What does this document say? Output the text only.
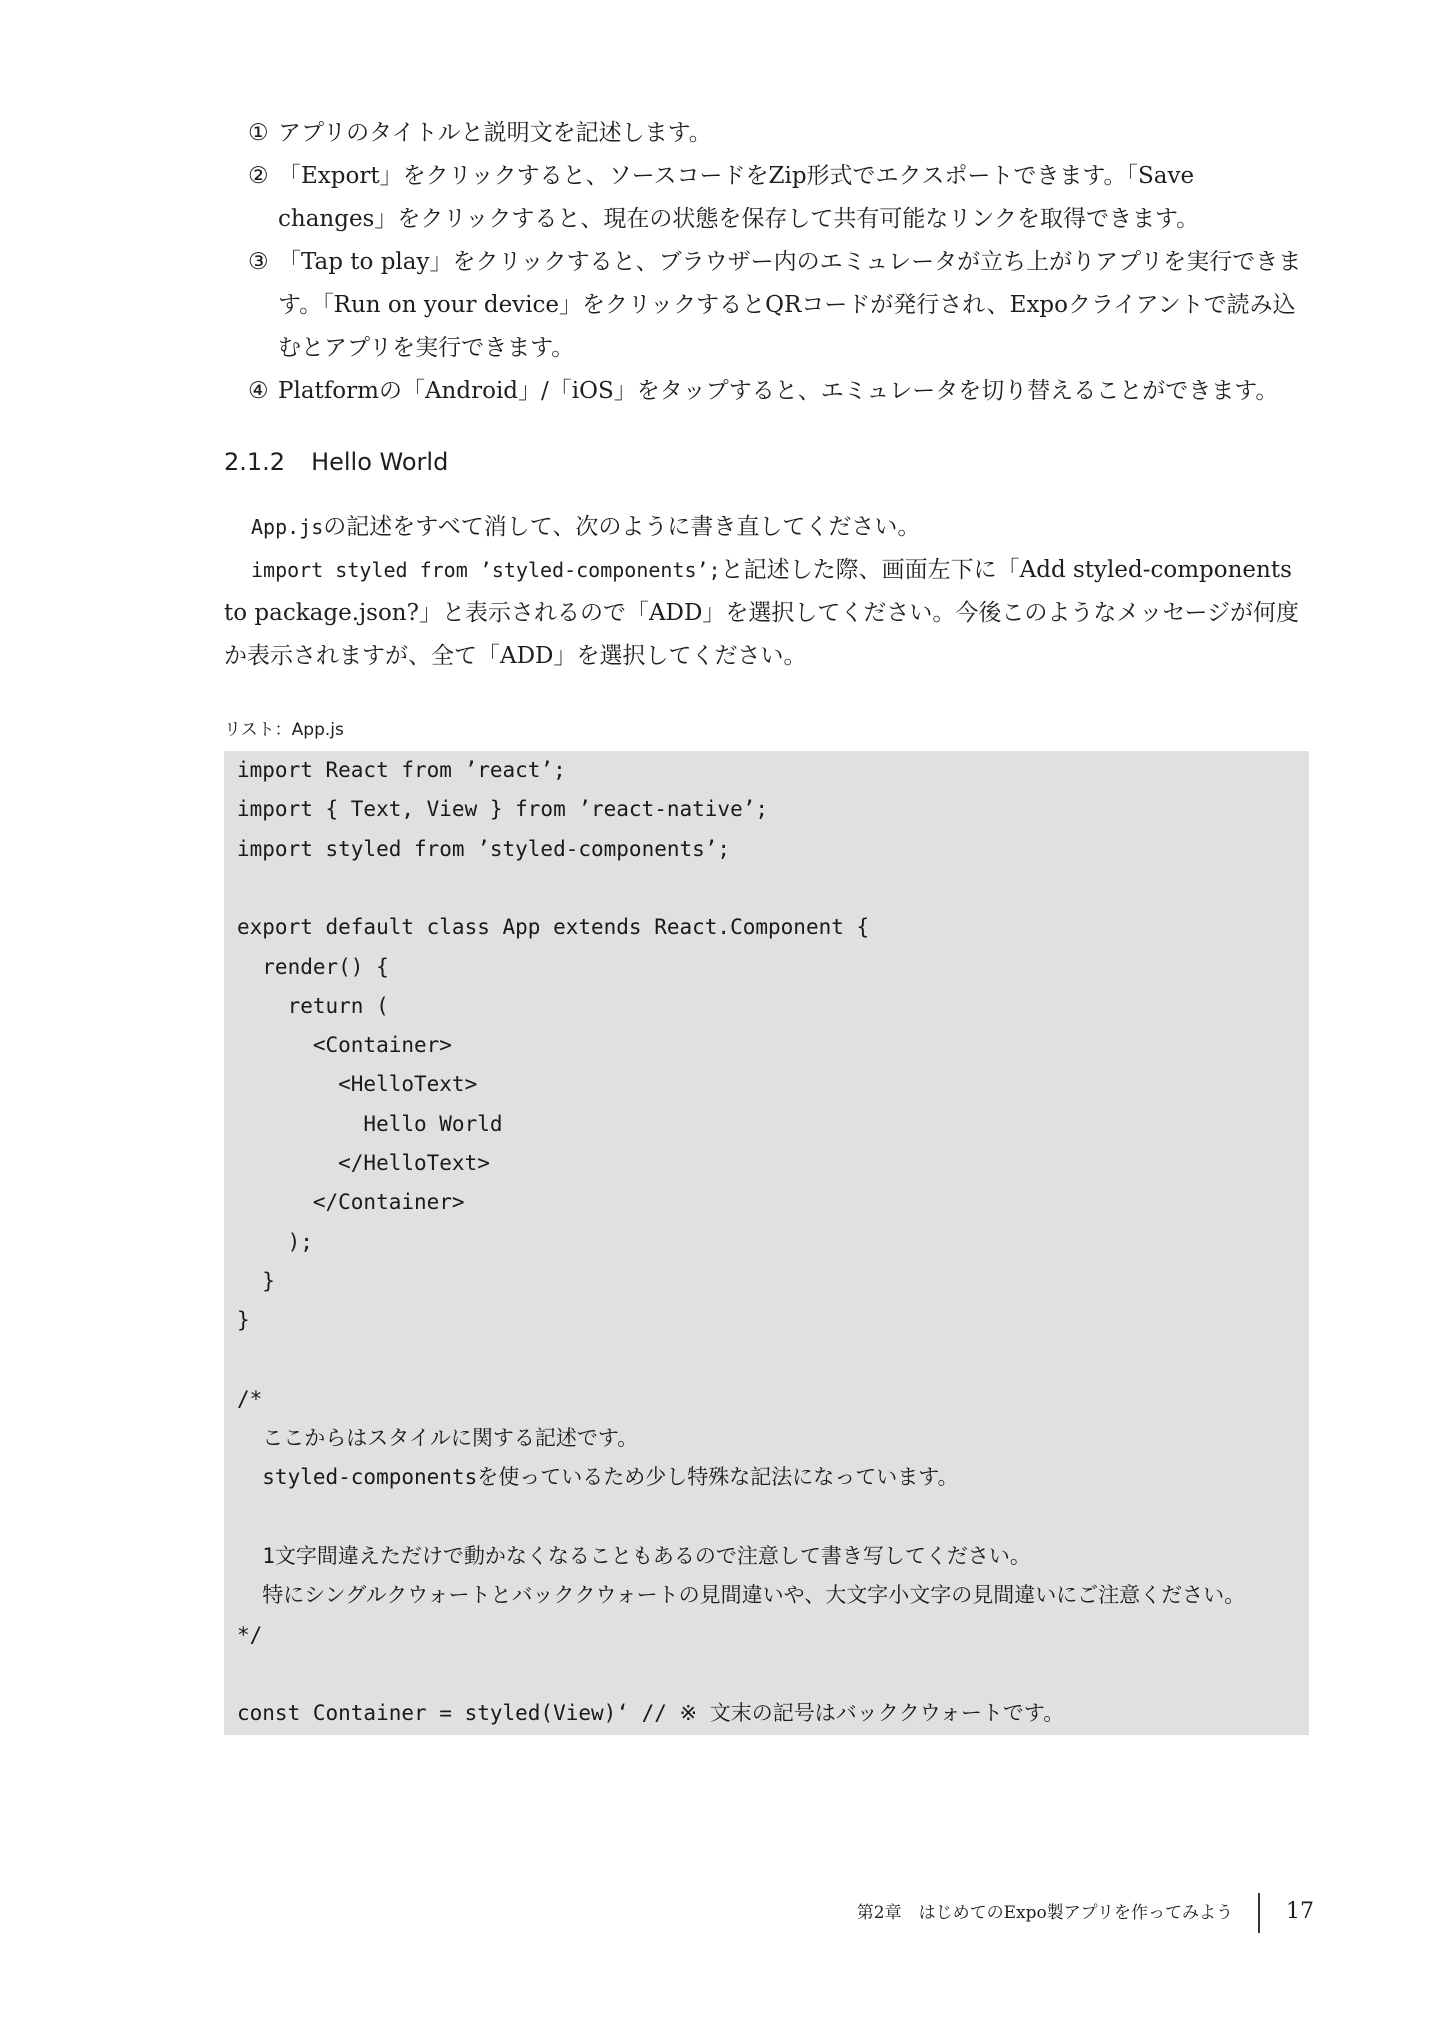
① アプリのタイトルと説明文を記述します。
② 「Export」をクリックすると、ソースコードをZip形式でエクスポートできます。「Save changes」をクリックすると、現在の状態を保存して共有可能なリンクを取得できます。
③ 「Tap to play」をクリックすると、ブラウザー内のエミュレータが立ち上がりアプリを実行できます。「Run on your device」をクリックするとQRコードが発行され、Expoクライアントで読み込むとアプリを実行できます。
④ Platformの「Android」/「iOS」をタップすると、エミュレータを切り替えることができます。
2.1.2 Hello World

App.jsの記述をすべて消して、次のように書き直してください。

import styled from ’styled-components’;と記述した際、画面左下に「Add styled-components to package.json?」と表示されるので「ADD」を選択してください。今後このようなメッセージが何度か表示されますが、全て「ADD」を選択してください。

リスト：App.js
import React from ’react’;
import { Text, View } from ’react-native’;
import styled from ’styled-components’;
export default class App extends React.Component {
render() {
return (
<Container>
<HelloText>
Hello World
</HelloText>
</Container>
);
}
}
/*
ここからはスタイルに関する記述です。
styled-componentsを使っているため少し特殊な記法になっています。
1文字間違えただけで動かなくなることもあるので注意して書き写してください。
特にシングルクウォートとバッククウォートの見間違いや、大文字小文字の見間違いにご注意ください。
*/
const Container = styled(View)‘ // ※ 文末の記号はバッククウォートです。
第2章　はじめてのExpo製アプリを作ってみよう 17
